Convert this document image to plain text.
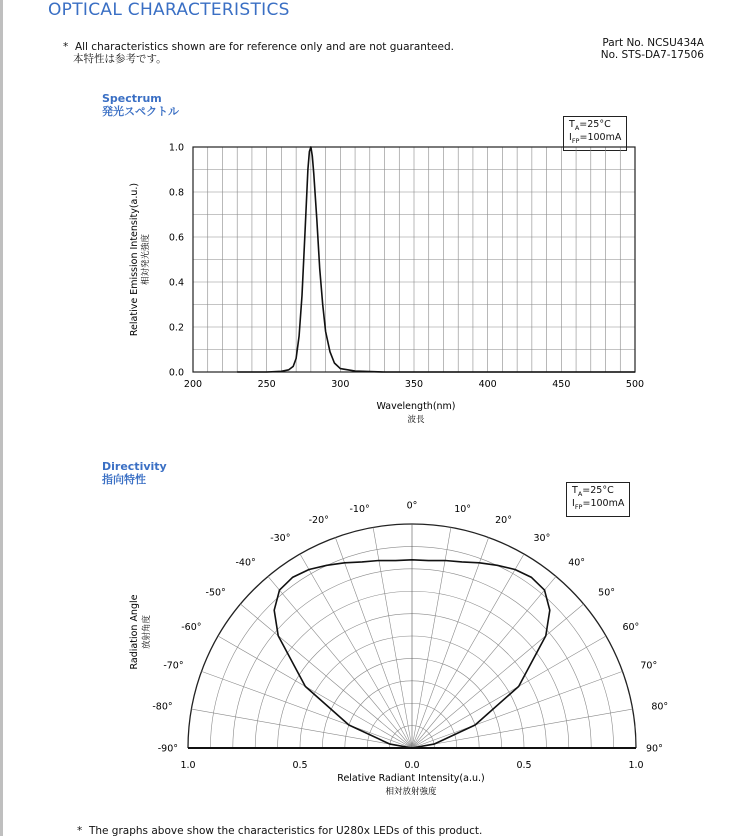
OPTICAL CHARACTERISTICS
*  All characteristics shown are for reference only and are not guaranteed.
本特性は参考です。
Part No. NCSU434A
No. STS-DA7-17506
Spectrum
発光スペクトル
$T_A=25^\circ C$
$I_{FP}=100mA$
200	250	300	350	400	450	500
0.0
0.2
0.4
0.6
0.8
1.0
Wavelength(nm)
波長
Relative Emission Intensity(a.u.) 相対発光強度
Directivity
指向特性
$T_A=25^\circ C$
$I_{FP}=100mA$
-90°
-80°
-70°
-60°
-50°
-40°
-30°
-20°
-10°	0°	10°
20°
30°
40°
50°
60°
70°
80°
90°
1.0	0.5	0.0	0.5	1.0
Relative Radiant Intensity(a.u.)
相対放射強度
Radiation Angle 放射角度
*  The graphs above show the characteristics for U280x LEDs of this product.
